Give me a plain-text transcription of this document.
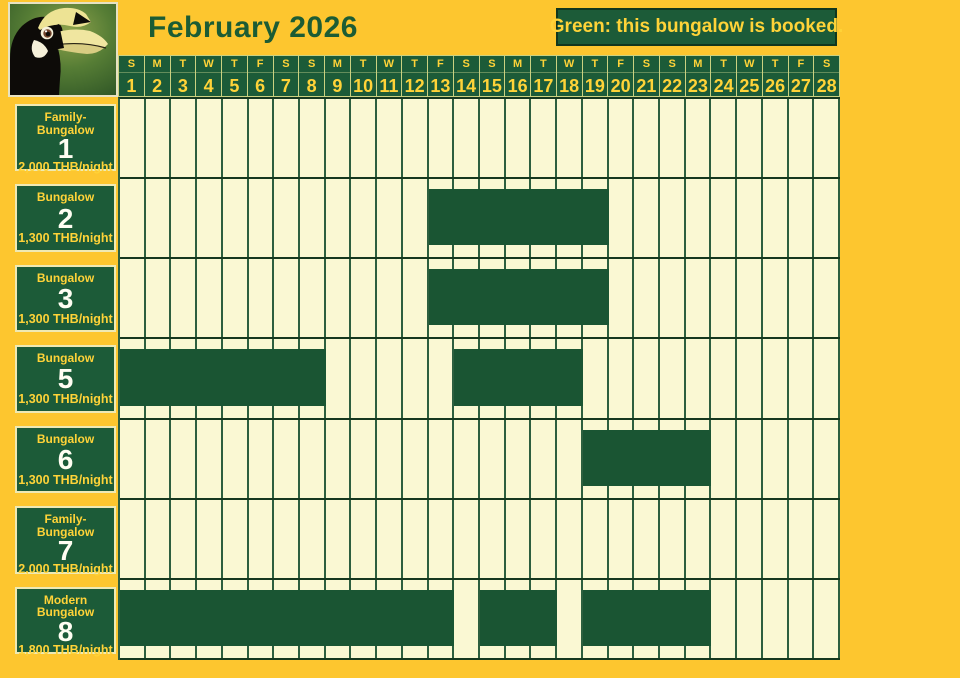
February 2026	Green: this bungalow is booked.
S
1
M
2
T
3
W
4
T
5
F
6
S
7
S
8
M
9
T
10
W
11
T
12
F
13
S
14
S
15
M
16
T
17
W
18
T
19
F
20
S
21
S
22
M
23
T
24
W
25
T
26
F
27
S
28
Family-Bungalow
1
2,000 THB/night
Bungalow
2
1,300 THB/night
Bungalow
3
1,300 THB/night
Bungalow
5
1,300 THB/night
Bungalow
6
1,300 THB/night
Family-Bungalow
7
2,000 THB/night
Modern Bungalow
8
1,800 THB/night
